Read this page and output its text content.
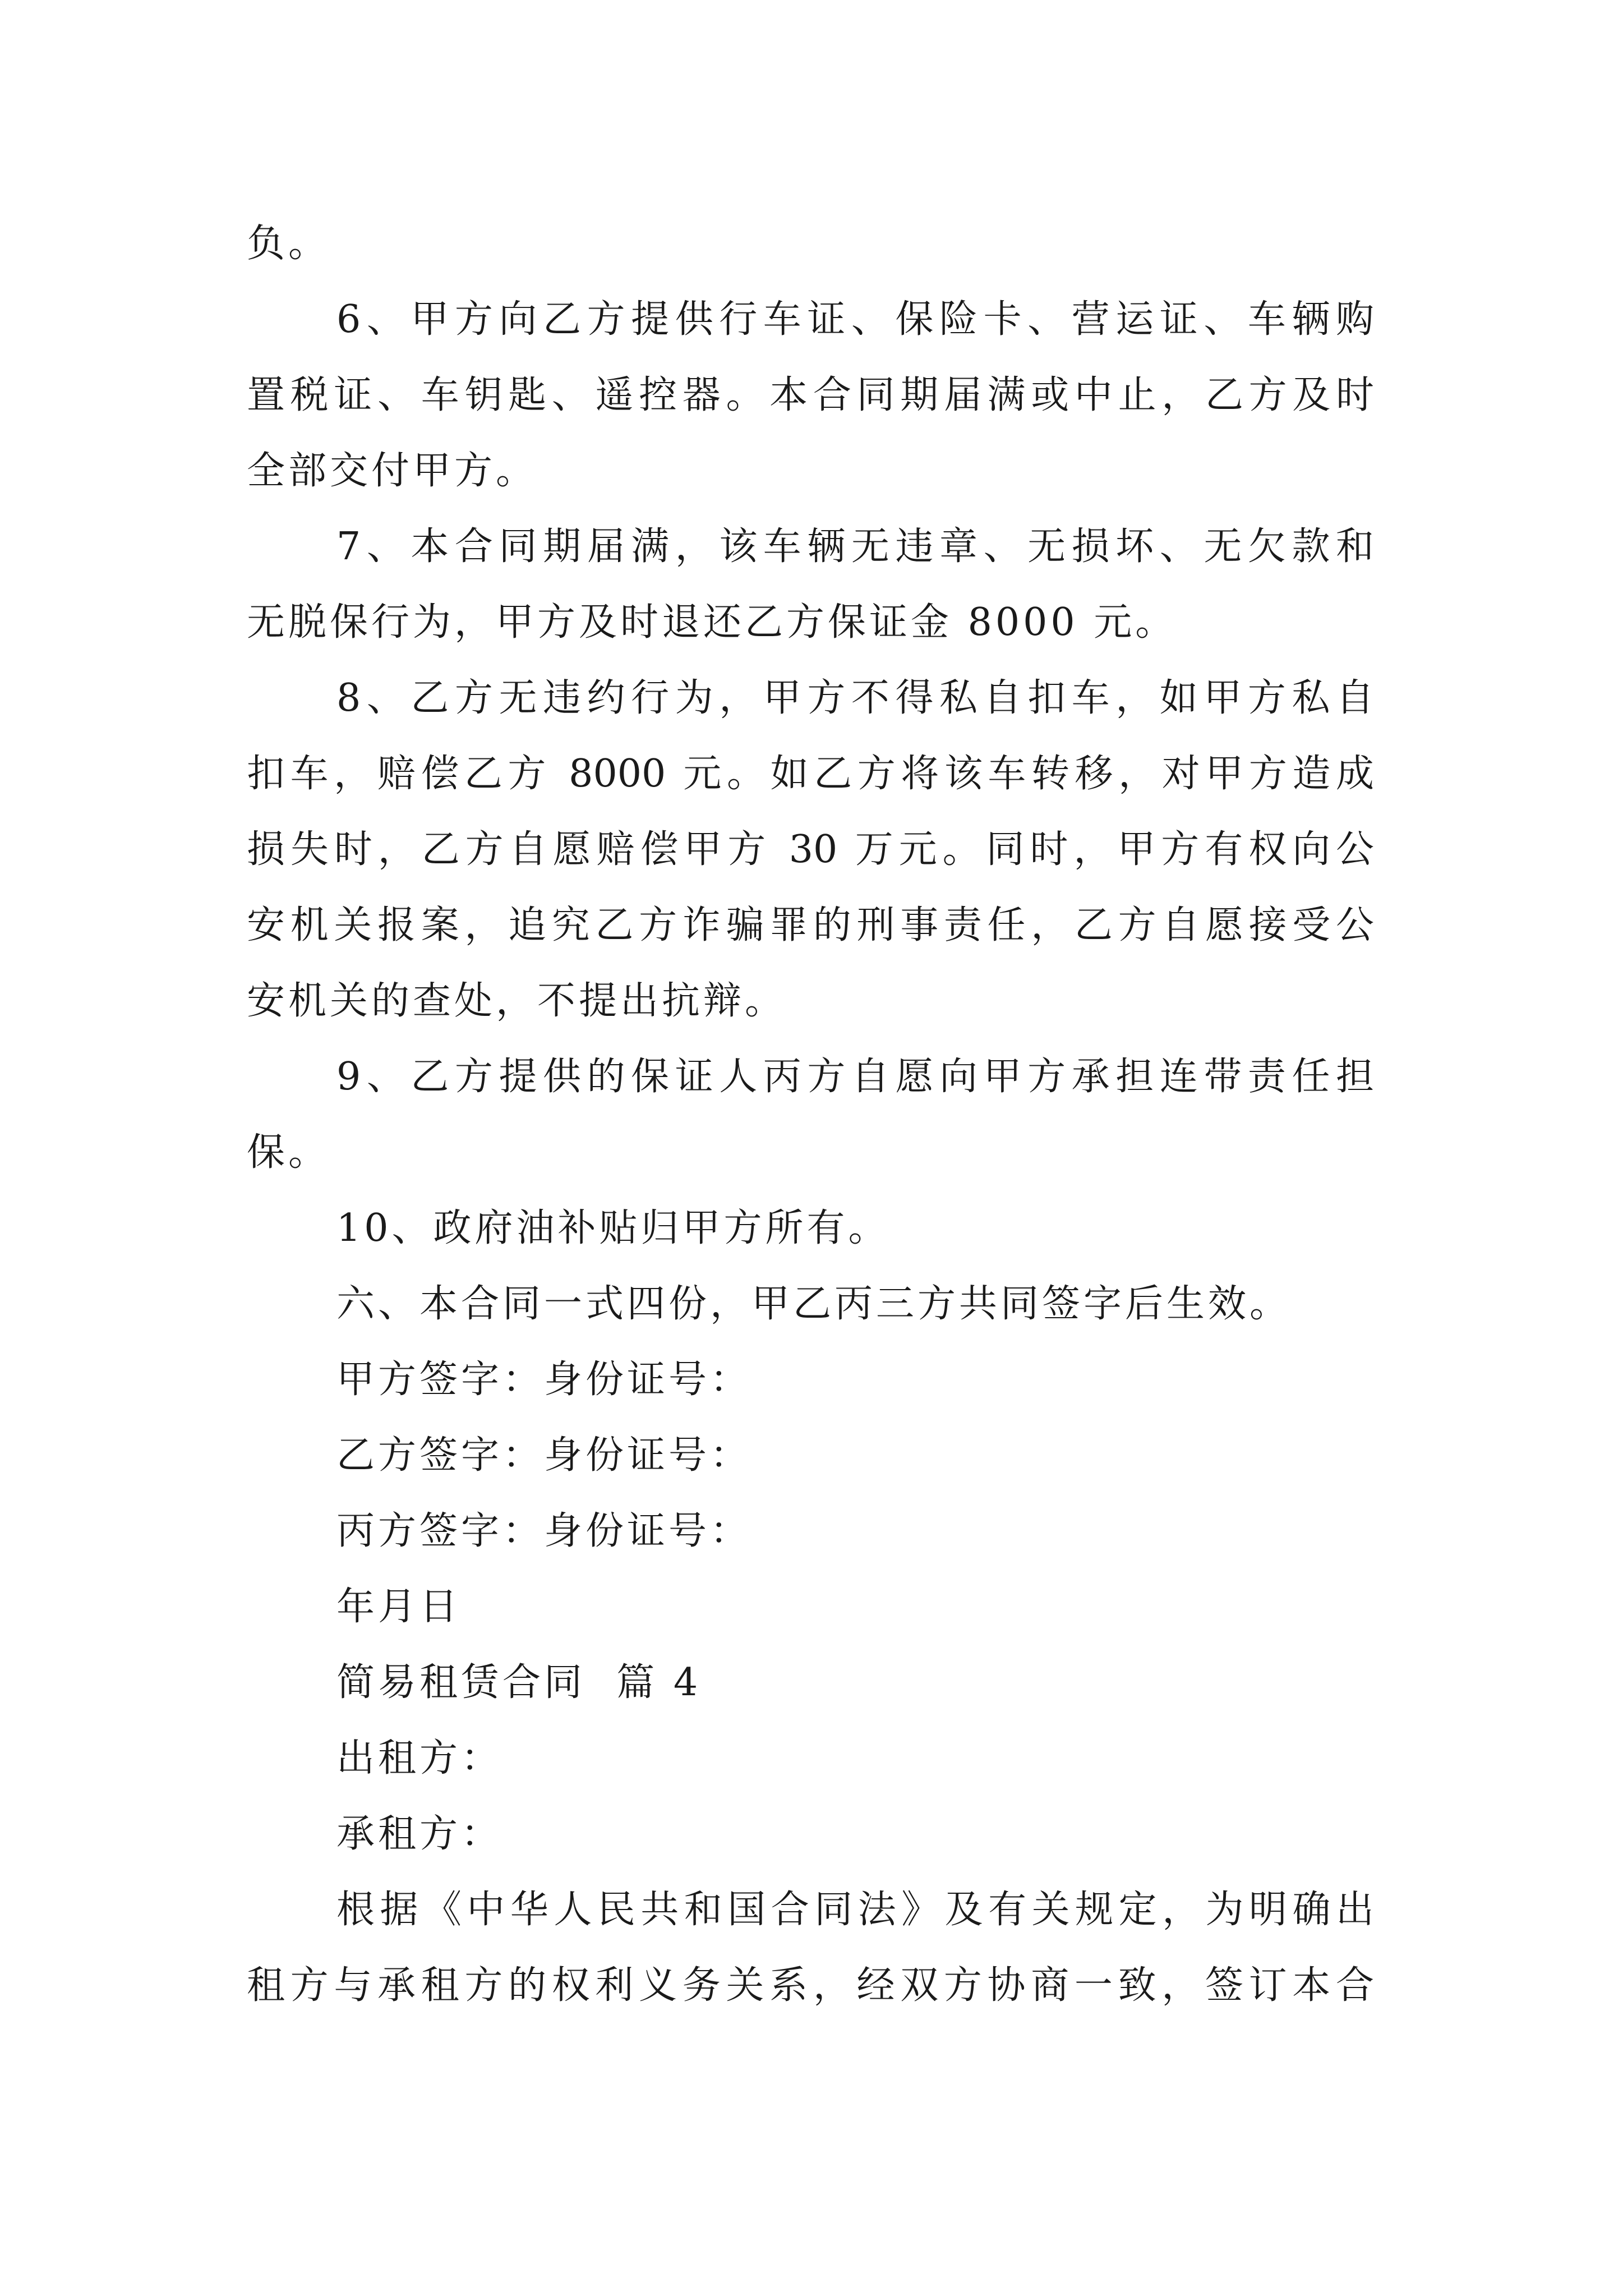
负。
6、甲方向乙方提供行车证、保险卡、营运证、车辆购
置税证、车钥匙、遥控器。本合同期届满或中止，乙方及时
全部交付甲方。
7、本合同期届满，该车辆无违章、无损坏、无欠款和
无脱保行为，甲方及时退还乙方保证金 8000 元。
8、乙方无违约行为，甲方不得私自扣车，如甲方私自
扣车，赔偿乙方 8000 元。如乙方将该车转移，对甲方造成
损失时，乙方自愿赔偿甲方 30 万元。同时，甲方有权向公
安机关报案，追究乙方诈骗罪的刑事责任，乙方自愿接受公
安机关的查处，不提出抗辩。
9、乙方提供的保证人丙方自愿向甲方承担连带责任担
保。
10、政府油补贴归甲方所有。
六、本合同一式四份，甲乙丙三方共同签字后生效。
甲方签字：身份证号：
乙方签字：身份证号：
丙方签字：身份证号：
年月日
简易租赁合同  篇 4
出租方：
承租方：
根据《中华人民共和国合同法》及有关规定，为明确出
租方与承租方的权利义务关系，经双方协商一致，签订本合
